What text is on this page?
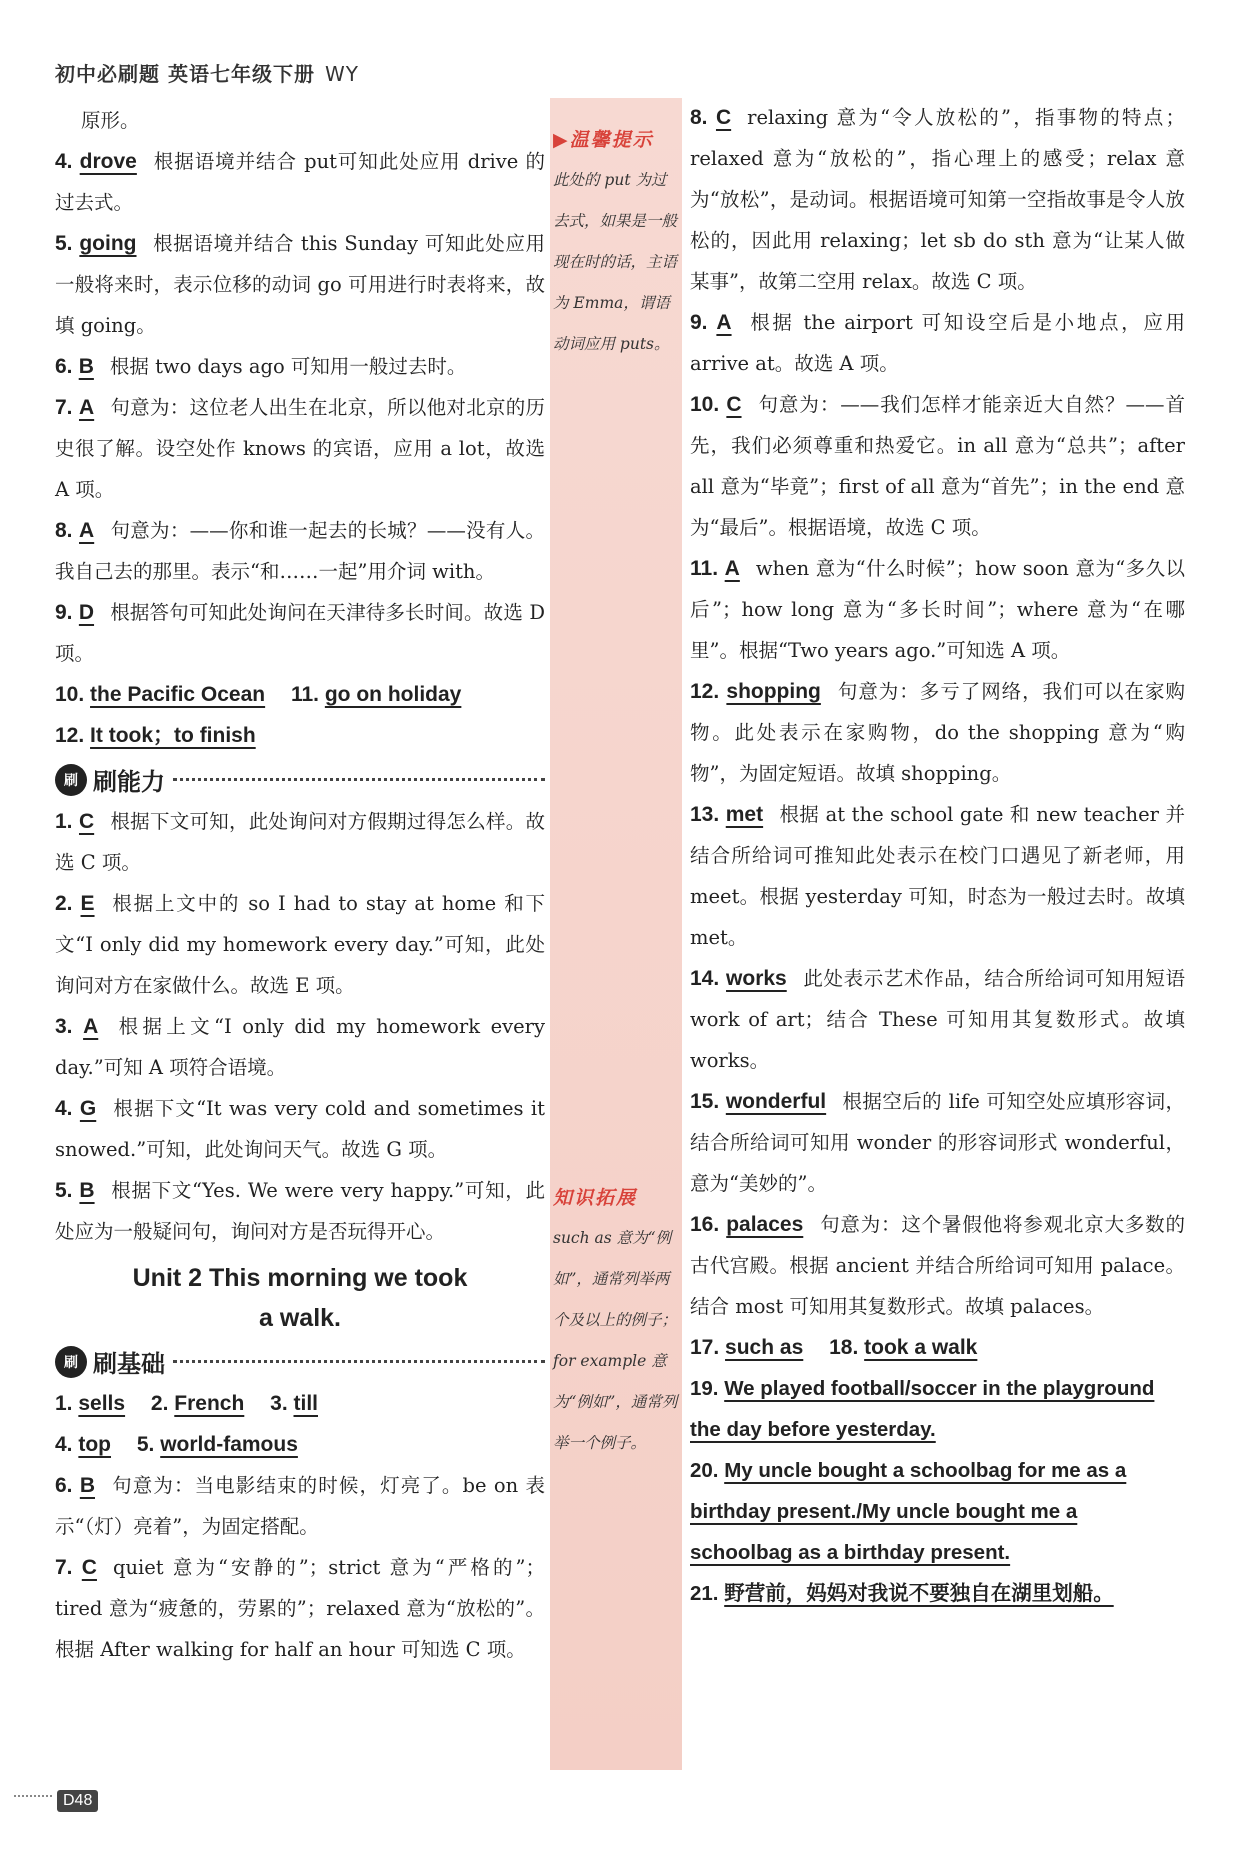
初中必刷题 英语七年级下册 WY
▶温馨提示
此处的 put 为过去式，如果是一般现在时的话，主语为 Emma，谓语动词应用 puts。
知识拓展
such as 意为“例如”，通常列举两个及以上的例子；for example 意为“例如”，通常列举一个例子。
原形。
4. drove 根据语境并结合 put可知此处应用 drive 的过去式。
5. going 根据语境并结合 this Sunday 可知此处应用一般将来时，表示位移的动词 go 可用进行时表将来，故填 going。
6. B 根据 two days ago 可知用一般过去时。
7. A 句意为：这位老人出生在北京，所以他对北京的历史很了解。设空处作 knows 的宾语，应用 a lot，故选 A 项。
8. A 句意为：——你和谁一起去的长城？——没有人。我自己去的那里。表示“和……一起”用介词 with。
9. D 根据答句可知此处询问在天津待多长时间。故选 D 项。
10. the Pacific Ocean 11. go on holiday
12. It took；to finish
刷 刷能力
1. C 根据下文可知，此处询问对方假期过得怎么样。故选 C 项。
2. E 根据上文中的 so I had to stay at home 和下文“I only did my homework every day.”可知，此处询问对方在家做什么。故选 E 项。
3. A 根据上文“I only did my homework every day.”可知 A 项符合语境。
4. G 根据下文“It was very cold and sometimes it snowed.”可知，此处询问天气。故选 G 项。
5. B 根据下文“Yes. We were very happy.”可知，此处应为一般疑问句，询问对方是否玩得开心。
Unit 2 This morning we took
a walk.
刷 刷基础
1. sells 2. French 3. till
4. top 5. world-famous
6. B 句意为：当电影结束的时候，灯亮了。be on 表示“（灯）亮着”，为固定搭配。
7. C quiet 意为“安静的”；strict 意为“严格的”；tired 意为“疲惫的，劳累的”；relaxed 意为“放松的”。根据 After walking for half an hour 可知选 C 项。
8. C relaxing 意为“令人放松的”，指事物的特点；relaxed 意为“放松的”，指心理上的感受；relax 意为“放松”，是动词。根据语境可知第一空指故事是令人放松的，因此用 relaxing；let sb do sth 意为“让某人做某事”，故第二空用 relax。故选 C 项。
9. A 根据 the airport 可知设空后是小地点，应用 arrive at。故选 A 项。
10. C 句意为：——我们怎样才能亲近大自然？——首先，我们必须尊重和热爱它。in all 意为“总共”；after all 意为“毕竟”；first of all 意为“首先”；in the end 意为“最后”。根据语境，故选 C 项。
11. A when 意为“什么时候”；how soon 意为“多久以后”；how long 意为“多长时间”；where 意为“在哪里”。根据“Two years ago.”可知选 A 项。
12. shopping 句意为：多亏了网络，我们可以在家购物。此处表示在家购物，do the shopping 意为“购物”，为固定短语。故填 shopping。
13. met 根据 at the school gate 和 new teacher 并结合所给词可推知此处表示在校门口遇见了新老师，用 meet。根据 yesterday 可知，时态为一般过去时。故填 met。
14. works 此处表示艺术作品，结合所给词可知用短语 work of art；结合 These 可知用其复数形式。故填 works。
15. wonderful 根据空后的 life 可知空处应填形容词，结合所给词可知用 wonder 的形容词形式 wonderful，意为“美妙的”。
16. palaces 句意为：这个暑假他将参观北京大多数的古代宫殿。根据 ancient 并结合所给词可知用 palace。结合 most 可知用其复数形式。故填 palaces。
17. such as 18. took a walk
19. We played football/soccer in the playground the day before yesterday.
20. My uncle bought a schoolbag for me as a birthday present./My uncle bought me a schoolbag as a birthday present.
21. 野营前，妈妈对我说不要独自在湖里划船。
D48
